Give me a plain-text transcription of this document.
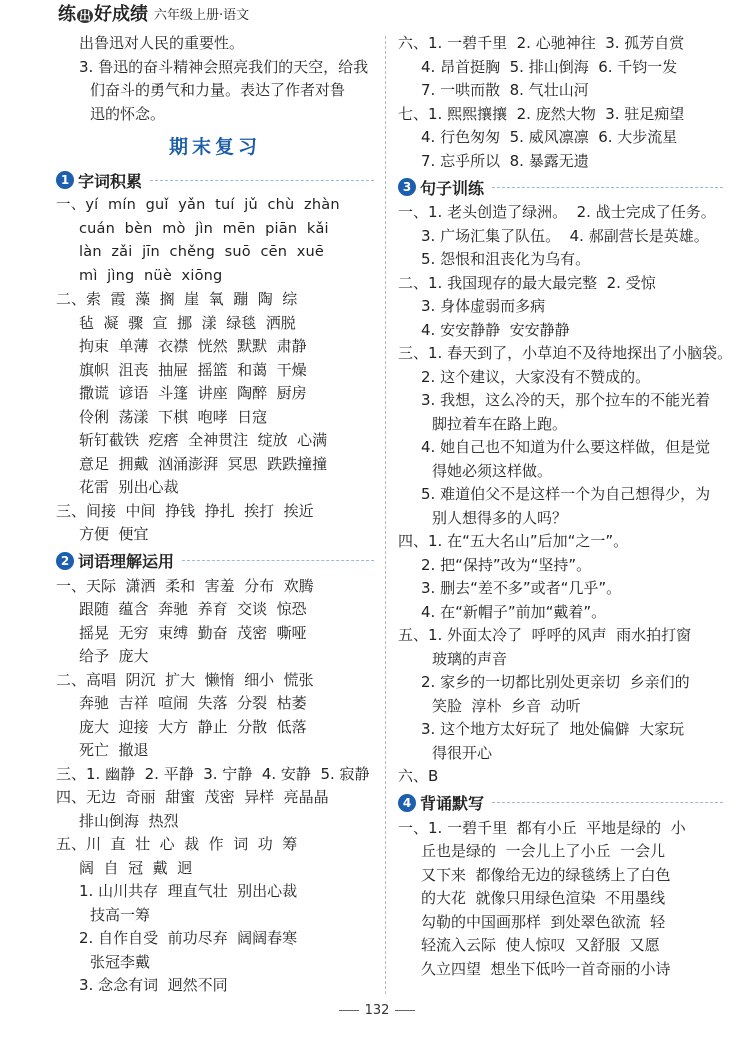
练出 好成绩 六年级上册·语文
出鲁迅对人民的重要性。
3. 鲁迅的奋斗精神会照亮我们的天空，给我
们奋斗的勇气和力量。表达了作者对鲁
迅的怀念。
期末复习
1 字词积累
一、yí  mín  guǐ  yǎn  tuí  jǔ  chù  zhàn
cuán  bèn  mò  jìn  mēn  piān  kǎi
làn  zǎi  jīn  chěng  suō  cēn  xuē
mì  jìng  nüè  xiōng
二、索  霞  藻  搁  崖  氧  蹦  陶  综
毡  凝  骤  宣  挪  漾  绿毯  洒脱
拘束  单薄  衣襟  恍然  默默  肃静
旗帜  沮丧  抽屉  摇篮  和蔼  干燥
撒谎  谚语  斗篷  讲座  陶醉  厨房
伶俐  荡漾  下棋  咆哮  日寇
斩钉截铁  疙瘩  全神贯注  绽放  心满
意足  拥戴  汹涌澎湃  冥思  跌跌撞撞
花雷  别出心裁
三、间接  中间  挣钱  挣扎  挨打  挨近
方便  便宜
2 词语理解运用
一、天际  潇洒  柔和  害羞  分布  欢腾
跟随  蕴含  奔驰  养育  交谈  惊恐
摇晃  无穷  束缚  勤奋  茂密  嘶哑
给予  庞大
二、高唱  阴沉  扩大  懒惰  细小  慌张
奔驰  吉祥  喧闹  失落  分裂  枯萎
庞大  迎接  大方  静止  分散  低落
死亡  撤退
三、1. 幽静  2. 平静  3. 宁静  4. 安静  5. 寂静
四、无边  奇丽  甜蜜  茂密  异样  亮晶晶
排山倒海  热烈
五、川  直  壮  心  裁  作  词  功  筹
阔  自  冠  戴  迥
1. 山川共存  理直气壮  别出心裁
技高一筹
2. 自作自受  前功尽弃  阔阔春寒
张冠李戴
3. 念念有词  迥然不同
六、1. 一碧千里  2. 心驰神往  3. 孤芳自赏
4. 昂首挺胸  5. 排山倒海  6. 千钧一发
7. 一哄而散  8. 气壮山河
七、1. 熙熙攘攘  2. 庞然大物  3. 驻足痴望
4. 行色匆匆  5. 威风凛凛  6. 大步流星
7. 忘乎所以  8. 暴露无遗
3 句子训练
一、1. 老头创造了绿洲。  2. 战士完成了任务。
3. 广场汇集了队伍。  4. 郝副营长是英雄。
5. 怨恨和沮丧化为乌有。
二、1. 我国现存的最大最完整  2. 受惊
3. 身体虚弱而多病
4. 安安静静  安安静静
三、1. 春天到了，小草迫不及待地探出了小脑袋。
2. 这个建议，大家没有不赞成的。
3. 我想，这么冷的天，那个拉车的不能光着
脚拉着车在路上跑。
4. 她自己也不知道为什么要这样做，但是觉
得她必须这样做。
5. 难道伯父不是这样一个为自己想得少，为
别人想得多的人吗？
四、1. 在“五大名山”后加“之一”。
2. 把“保持”改为“坚持”。
3. 删去“差不多”或者“几乎”。
4. 在“新帽子”前加“戴着”。
五、1. 外面太冷了  呼呼的风声  雨水拍打窗
玻璃的声音
2. 家乡的一切都比别处更亲切  乡亲们的
笑脸  淳朴  乡音  动听
3. 这个地方太好玩了  地处偏僻  大家玩
得很开心
六、B
4 背诵默写
一、1. 一碧千里  都有小丘  平地是绿的  小
丘也是绿的  一会儿上了小丘  一会儿
又下来  都像给无边的绿毯绣上了白色
的大花  就像只用绿色渲染  不用墨线
勾勒的中国画那样  到处翠色欲流  轻
轻流入云际  使人惊叹  又舒服  又愿
久立四望  想坐下低吟一首奇丽的小诗
132
